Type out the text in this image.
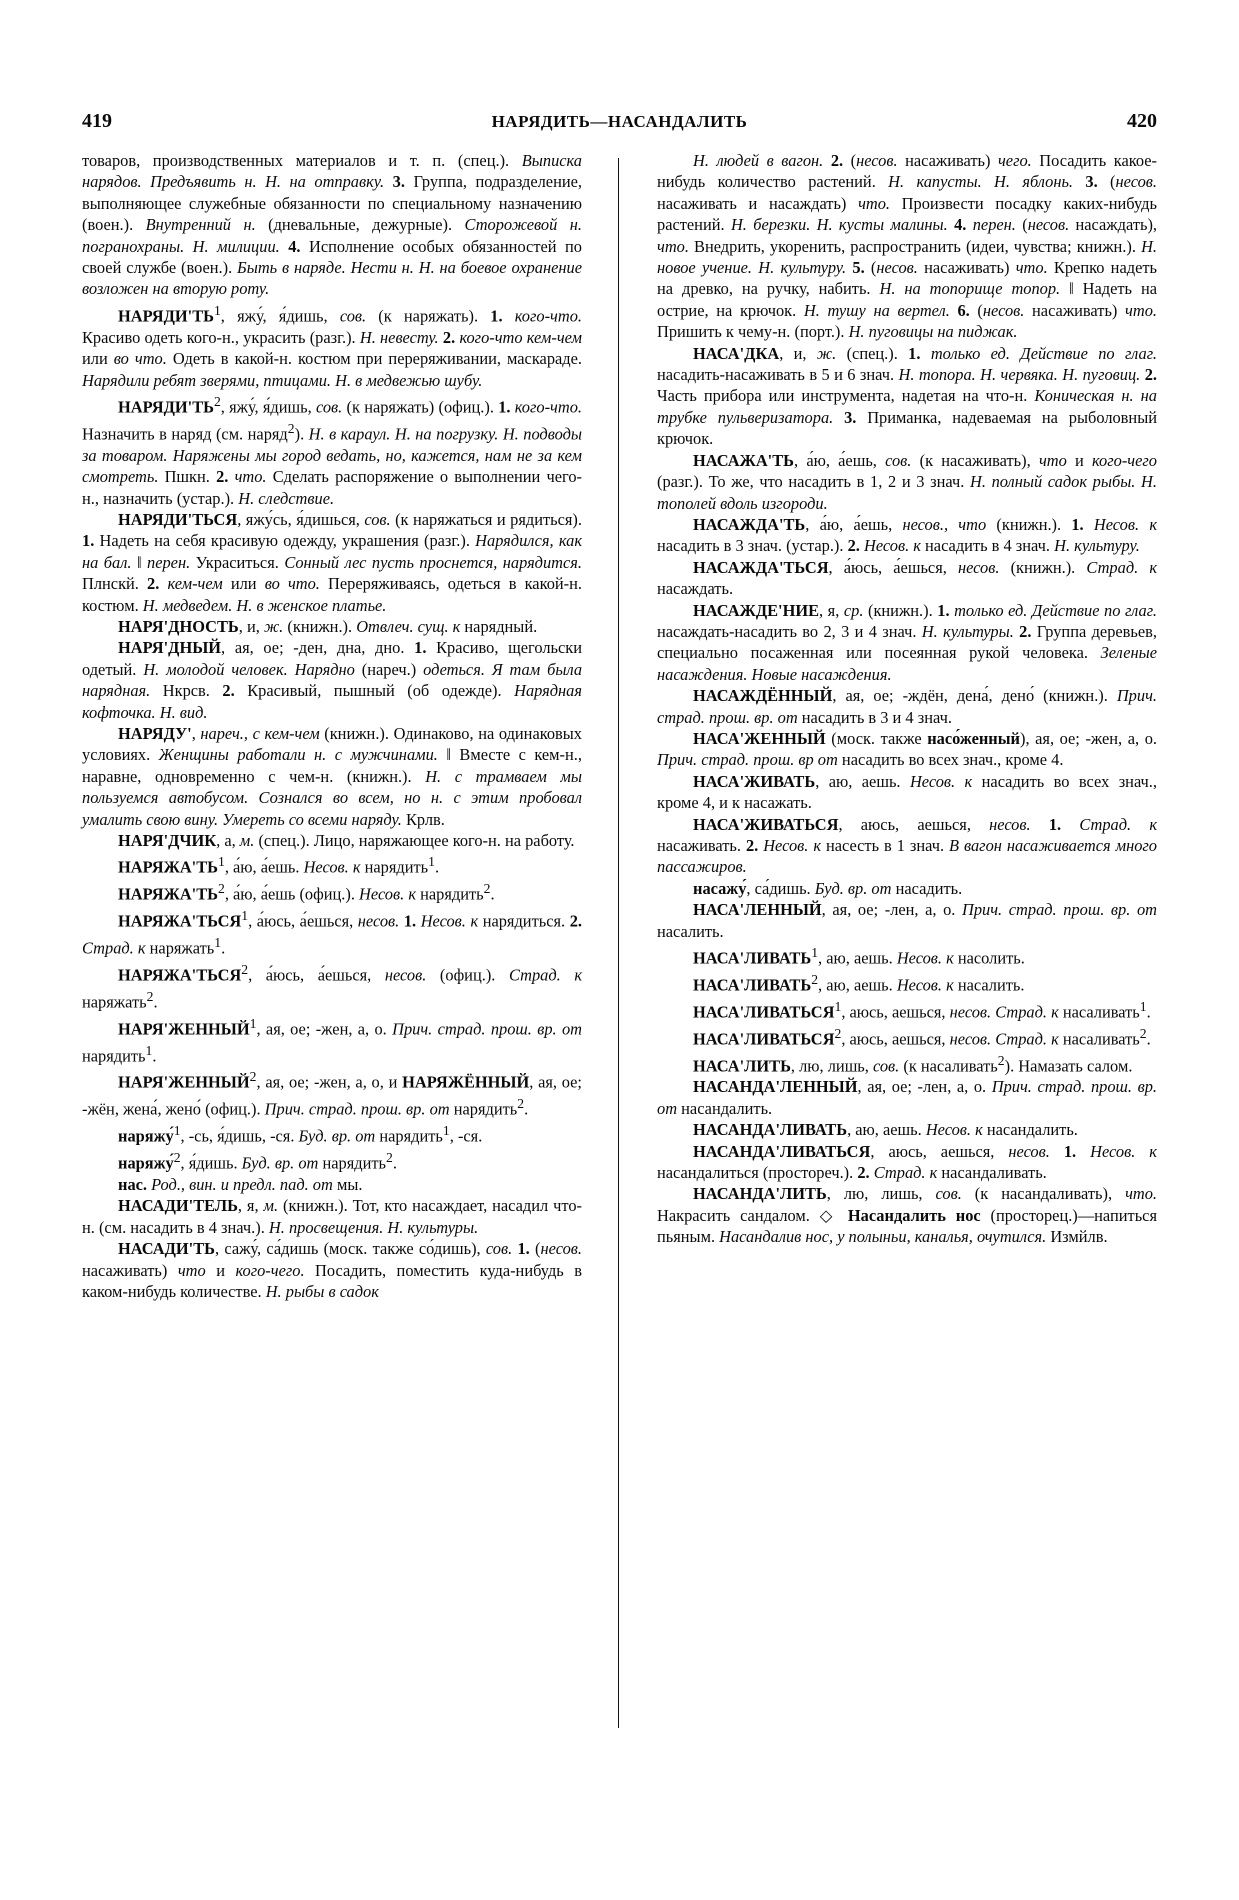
419	НАРЯДИТЬ—НАСАНДАЛИТЬ	420

товаров, производственных материалов и т. п. (спец.). Выписка нарядов. Предъявить н. Н. на отправку. 3. Группа, подразделение, выполняющее служебные обязанности по специальному назначению (воен.). Внутренний н. (дневальные, дежурные). Сторожевой н. погранохраны. Н. милиции. 4. Исполнение особых обязанностей по своей службе (воен.). Быть в наряде. Нести н. Н. на боевое охранение возложен на вторую роту.

$НАРЯДИ'ТЬ^1$, яжу́, я́дишь, сов. (к наряжать). 1. кого-что. Красиво одеть кого-н., украсить (разг.). Н. невесту. 2. кого-что кем-чем или во что. Одеть в какой-н. костюм при переряживании, маскараде. Нарядили ребят зверями, птицами. Н. в медвежью шубу.

$НАРЯДИ'ТЬ^2$, яжу́, я́дишь, сов. (к наряжать) (офиц.). 1. кого-что. Назначить в наряд (см. наряд$^2$). Н. в караул. Н. на погрузку. Н. подводы за товаром. Наряжены мы город ведать, но, кажется, нам не за кем смотреть. Пшкн. 2. что. Сделать распоряжение о выполнении чего-н., назначить (устар.). Н. следствие.

НАРЯДИ'ТЬСЯ, яжу́сь, я́дишься, сов. (к наряжаться и рядиться). 1. Надеть на себя красивую одежду, украшения (разг.). Нарядился, как на бал. ‖ перен. Украситься. Сонный лес пусть проснется, нарядится. Плнскй. 2. кем-чем или во что. Переряживаясь, одеться в какой-н. костюм. Н. медведем. Н. в женское платье.

НАРЯ'ДНОСТЬ, и, ж. (книжн.). Отвлеч. сущ. к нарядный.

НАРЯ'ДНЫЙ, ая, ое; -ден, дна, дно. 1. Красиво, щегольски одетый. Н. молодой человек. Нарядно (нареч.) одеться. Я там была нарядная. Нкрсв. 2. Красивый, пышный (об одежде). Нарядная кофточка. Н. вид.

НАРЯДУ', нареч., с кем-чем (книжн.). Одинаково, на одинаковых условиях. Женщины работали н. с мужчинами. ‖ Вместе с кем-н., наравне, одновременно с чем-н. (книжн.). Н. с трамваем мы пользуемся автобусом. Сознался во всем, но н. с этим пробовал умалить свою вину. Умереть со всеми наряду. Крлв.

НАРЯ'ДЧИК, а, м. (спец.). Лицо, наряжающее кого-н. на работу.

$НАРЯЖА'ТЬ^1$, а́ю, а́ешь. Несов. к нарядить$^1$.

$НАРЯЖА'ТЬ^2$, а́ю, а́ешь (офиц.). Несов. к нарядить$^2$.

НАРЯЖА'ТЬСЯ$^1$, а́юсь, а́ешься, несов. 1. Несов. к нарядиться. 2. Страд. к наряжать$^1$.

НАРЯЖА'ТЬСЯ$^2$, а́юсь, а́ешься, несов. (офиц.). Страд. к наряжать$^2$.

НАРЯ'ЖЕННЫЙ$^1$, ая, ое; -жен, а, о. Прич. страд. прош. вр. от нарядить$^1$.

НАРЯ'ЖЕННЫЙ$^2$, ая, ое; -жен, а, о, и НАРЯЖЁННЫЙ, ая, ое; -жён, жена́, жено́ (офиц.). Прич. страд. прош. вр. от нарядить$^2$.

наряжу́$^1$, -сь, я́дишь, -ся. Буд. вр. от нарядить$^1$, -ся.

наряжу́$^2$, я́дишь. Буд. вр. от нарядить$^2$.

нас. Род., вин. и предл. пад. от мы.

НАСАДИ'ТЕЛЬ, я, м. (книжн.). Тот, кто насаждает, насадил что-н. (см. насадить в 4 знач.). Н. просвещения. Н. культуры.

НАСАДИ'ТЬ, сажу́, са́дишь (моск. также со́дишь), сов. 1. (несов. насаживать) что и кого-чего. Посадить, поместить куда-нибудь в каком-нибудь количестве. Н. рыбы в садок

Н. людей в вагон. 2. (несов. насаживать) чего. Посадить какое-нибудь количество растений. Н. капусты. Н. яблонь. 3. (несов. насаживать и насаждать) что. Произвести посадку каких-нибудь растений. Н. березки. Н. кусты малины. 4. перен. (несов. насаждать), что. Внедрить, укоренить, распространить (идеи, чувства; книжн.). Н. новое учение. Н. культуру. 5. (несов. насаживать) что. Крепко надеть на древко, на ручку, набить. Н. на топорище топор. ‖ Надеть на острие, на крючок. Н. тушу на вертел. 6. (несов. насаживать) что. Пришить к чему-н. (порт.). Н. пуговицы на пиджак.

НАСА'ДКА, и, ж. (спец.). 1. только ед. Действие по глаг. насадить-насаживать в 5 и 6 знач. Н. топора. Н. червяка. Н. пуговиц. 2. Часть прибора или инструмента, надетая на что-н. Коническая н. на трубке пульверизатора. 3. Приманка, надеваемая на рыболовный крючок.

НАСАЖА'ТЬ, а́ю, а́ешь, сов. (к насаживать), что и кого-чего (разг.). То же, что насадить в 1, 2 и 3 знач. Н. полный садок рыбы. Н. тополей вдоль изгороди.

НАСАЖДА'ТЬ, а́ю, а́ешь, несов., что (книжн.). 1. Несов. к насадить в 3 знач. (устар.). 2. Несов. к насадить в 4 знач. Н. культуру.

НАСАЖДА'ТЬСЯ, а́юсь, а́ешься, несов. (книжн.). Страд. к насаждать.

НАСАЖДЕ'НИЕ, я, ср. (книжн.). 1. только ед. Действие по глаг. насаждать-насадить во 2, 3 и 4 знач. Н. культуры. 2. Группа деревьев, специально посаженная или посеянная рукой человека. Зеленые насаждения. Новые насаждения.

НАСАЖДЁННЫЙ, ая, ое; -ждён, дена́, дено́ (книжн.). Прич. страд. прош. вр. от насадить в 3 и 4 знач.

НАСА'ЖЕННЫЙ (моск. также насо́женный), ая, ое; -жен, а, о. Прич. страд. прош. вр от насадить во всех знач., кроме 4.

НАСА'ЖИВАТЬ, аю, аешь. Несов. к насадить во всех знач., кроме 4, и к насажать.

НАСА'ЖИВАТЬСЯ, аюсь, аешься, несов. 1. Страд. к насаживать. 2. Несов. к насесть в 1 знач. В вагон насаживается много пассажиров.

насажу́, са́дишь. Буд. вр. от насадить.

НАСА'ЛЕННЫЙ, ая, ое; -лен, а, о. Прич. страд. прош. вр. от насалить.

НАСА'ЛИВАТЬ$^1$, аю, аешь. Несов. к насолить.

НАСА'ЛИВАТЬ$^2$, аю, аешь. Несов. к насалить.

НАСА'ЛИВАТЬСЯ$^1$, аюсь, аешься, несов. Страд. к насаливать$^1$.

НАСА'ЛИВАТЬСЯ$^2$, аюсь, аешься, несов. Страд. к насаливать$^2$.

НАСА'ЛИТЬ, лю, лишь, сов. (к насаливать$^2$). Намазать салом.

НАСАНДА'ЛЕННЫЙ, ая, ое; -лен, а, о. Прич. страд. прош. вр. от насандалить.

НАСАНДА'ЛИВАТЬ, аю, аешь. Несов. к насандалить.

НАСАНДА'ЛИВАТЬСЯ, аюсь, аешься, несов. 1. Несов. к насандалиться (простореч.). 2. Страд. к насандаливать.

НАСАНДА'ЛИТЬ, лю, лишь, сов. (к насандаливать), что. Накрасить сандалом. ◇ Насандалить нос (просторец.)—напиться пьяным. Насандалив нос, у полыньи, каналья, очутился. Измйлв.
